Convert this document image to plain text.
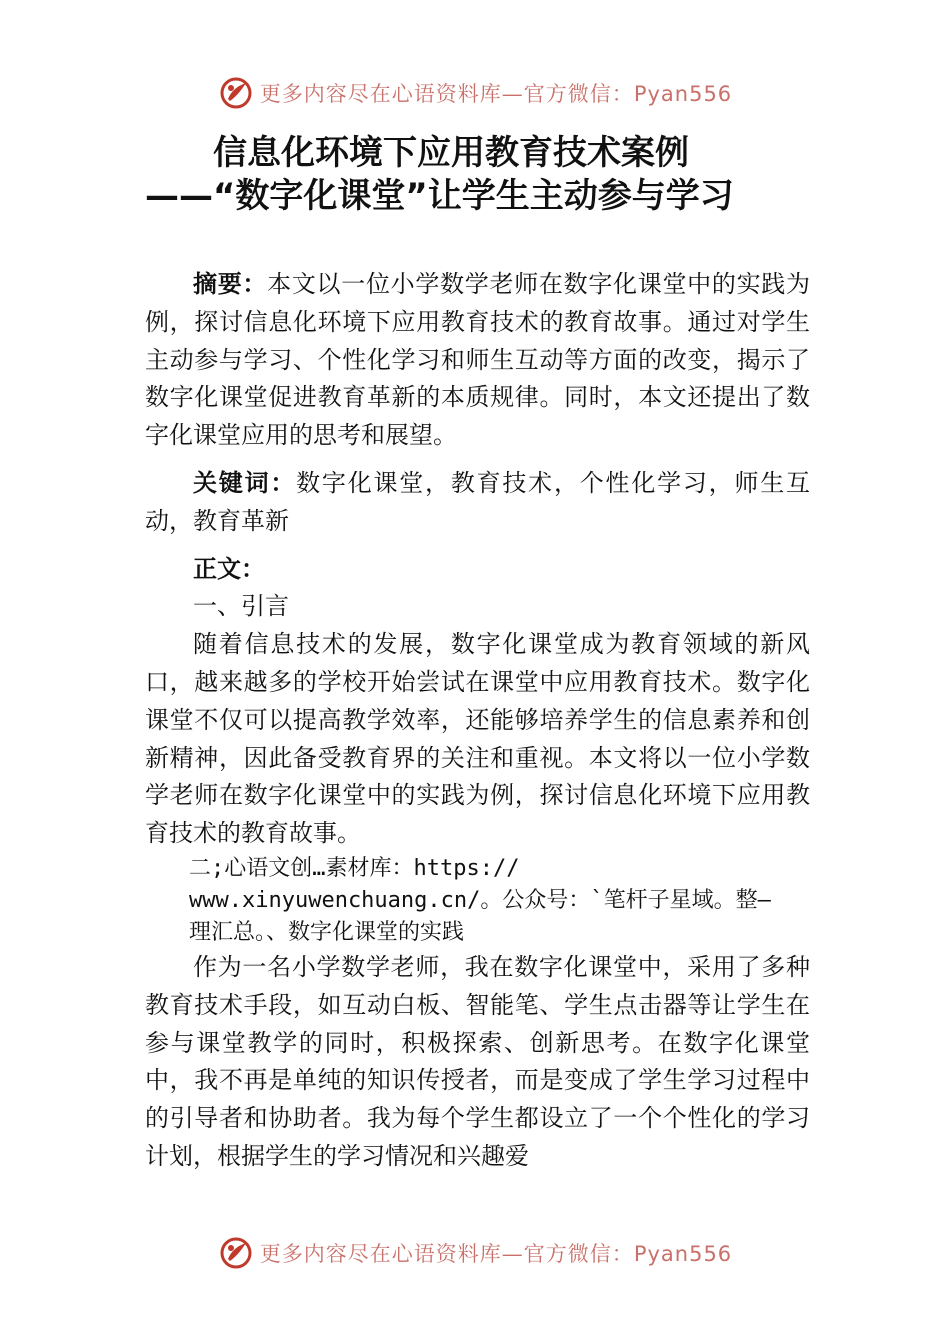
更多内容尽在心语资料库—官方微信：Pyan556
信息化环境下应用教育技术案例
——“数字化课堂”让学生主动参与学习

摘要：本文以一位小学数学老师在数字化课堂中的实践为例，探讨信息化环境下应用教育技术的教育故事。通过对学生主动参与学习、个性化学习和师生互动等方面的改变，揭示了数字化课堂促进教育革新的本质规律。同时，本文还提出了数字化课堂应用的思考和展望。

关键词：数字化课堂，教育技术，个性化学习，师生互动，教育革新

正文：

一、引言

随着信息技术的发展，数字化课堂成为教育领域的新风口，越来越多的学校开始尝试在课堂中应用教育技术。数字化课堂不仅可以提高教学效率，还能够培养学生的信息素养和创新精神，因此备受教育界的关注和重视。本文将以一位小学数学老师在数字化课堂中的实践为例，探讨信息化环境下应用教育技术的教育故事。

二;心语文创…素材库：https://
www.xinyuwenchuang.cn/。公众号：`笔杆子星域。整—
理汇总。、数字化课堂的实践

作为一名小学数学老师，我在数字化课堂中，采用了多种教育技术手段，如互动白板、智能笔、学生点击器等让学生在参与课堂教学的同时，积极探索、创新思考。在数字化课堂中，我不再是单纯的知识传授者，而是变成了学生学习过程中的引导者和协助者。我为每个学生都设立了一个个性化的学习计划，根据学生的学习情况和兴趣爱

更多内容尽在心语资料库—官方微信：Pyan556
